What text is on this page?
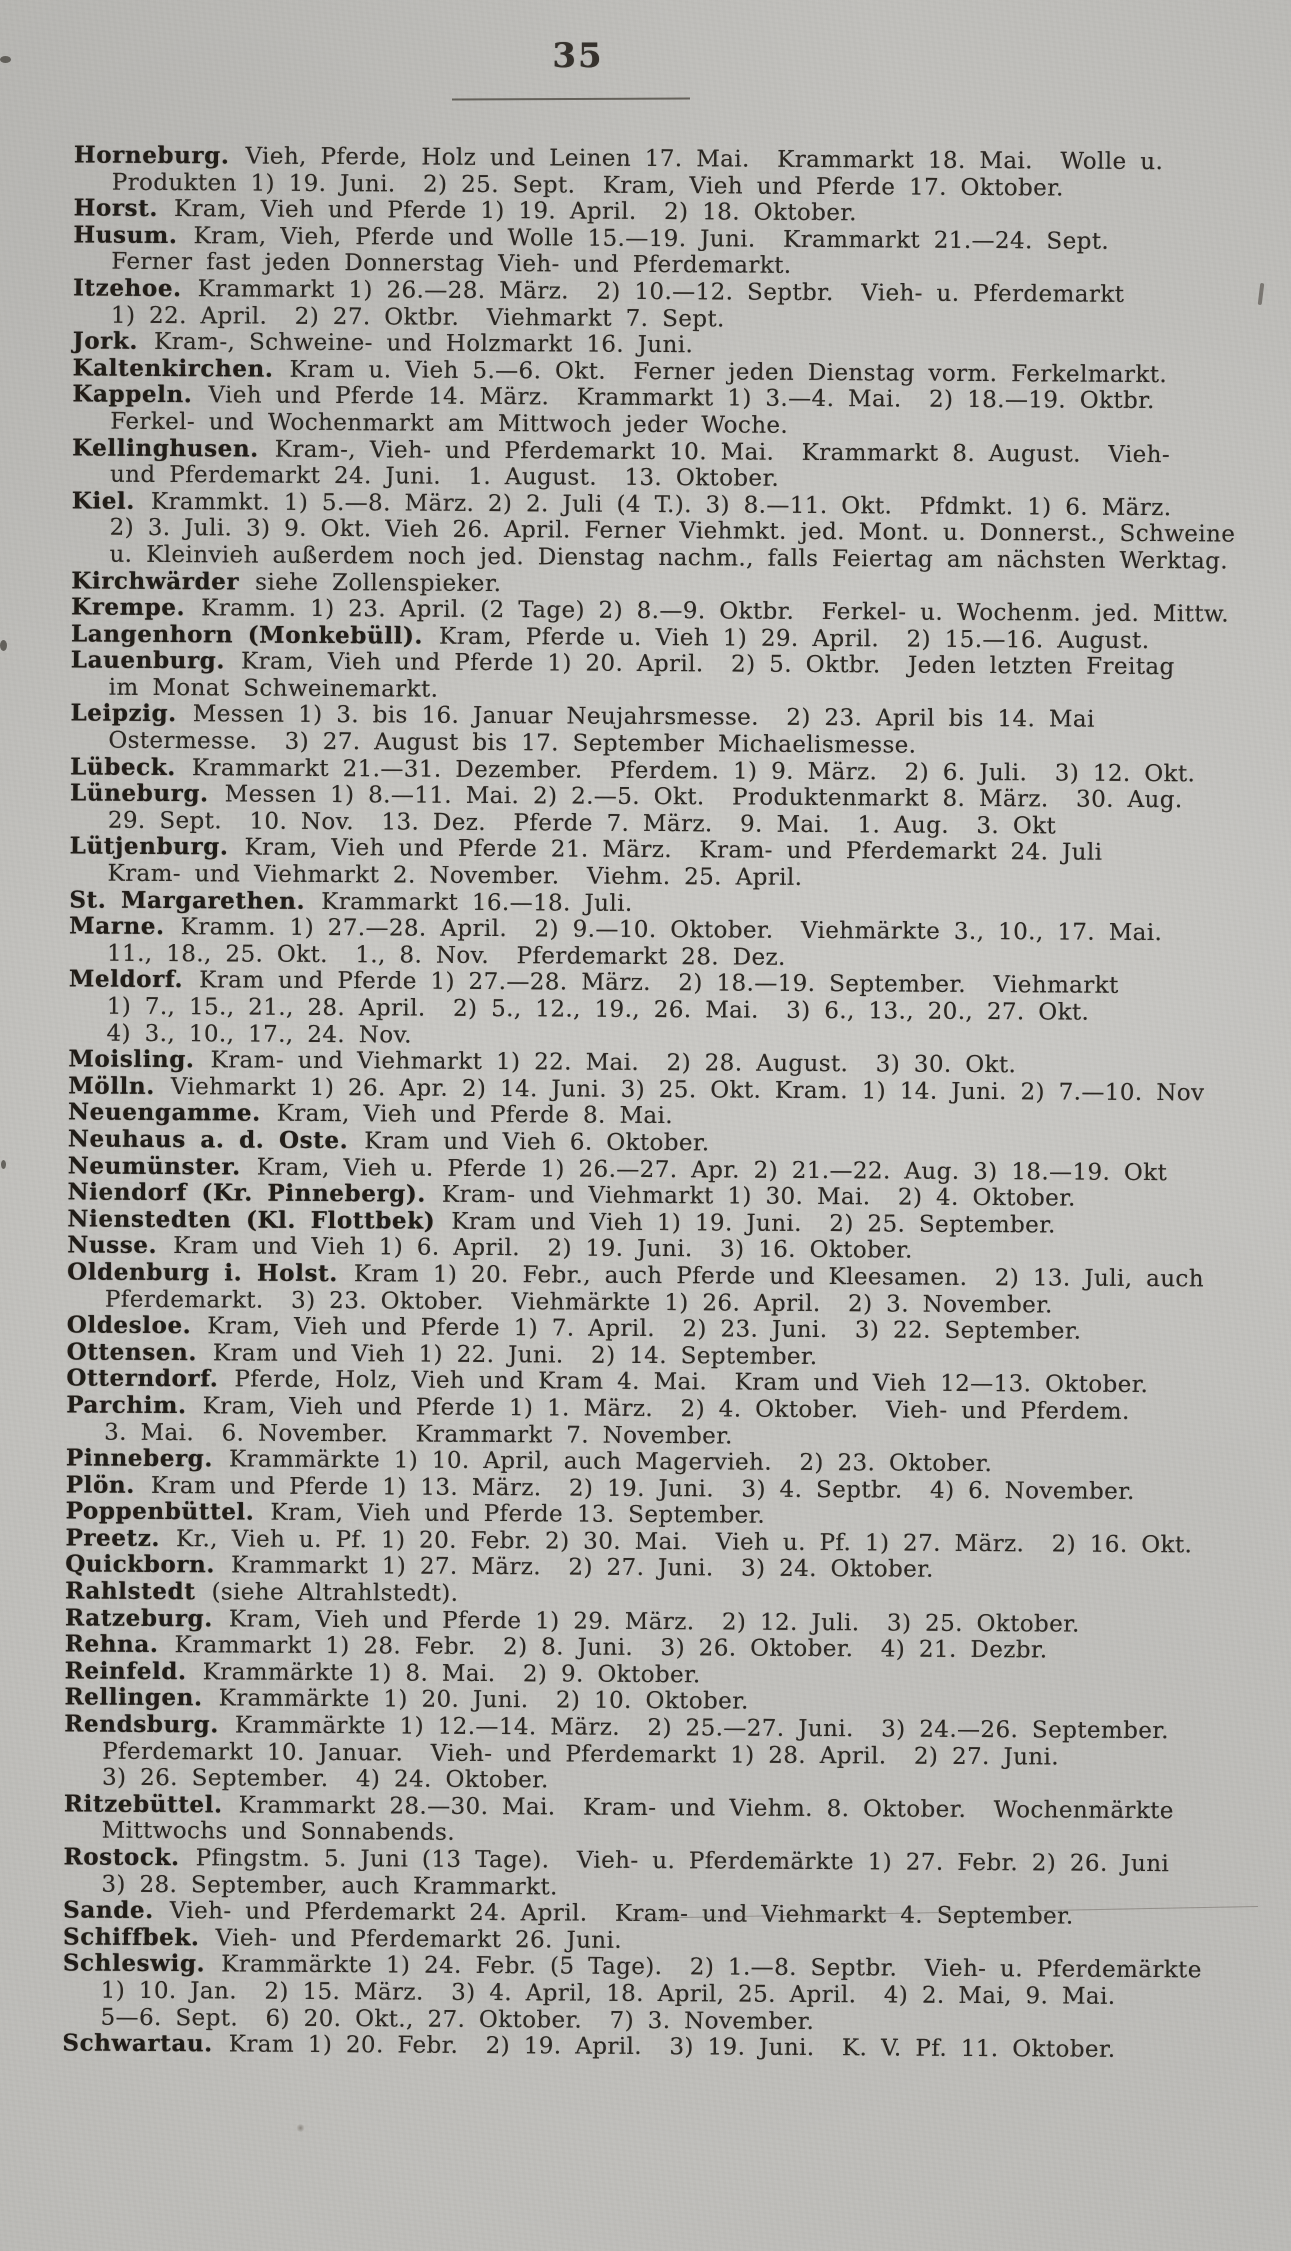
35
Horneburg. Vieh, Pferde, Holz und Leinen 17. Mai.  Krammarkt 18. Mai.  Wolle u.
Produkten 1) 19. Juni.  2) 25. Sept.  Kram, Vieh und Pferde 17. Oktober.
Horst. Kram, Vieh und Pferde 1) 19. April.  2) 18. Oktober.
Husum. Kram, Vieh, Pferde und Wolle 15.—19. Juni.  Krammarkt 21.—24. Sept.
Ferner fast jeden Donnerstag Vieh- und Pferdemarkt.
Itzehoe. Krammarkt 1) 26.—28. März.  2) 10.—12. Septbr.  Vieh- u. Pferdemarkt
1) 22. April.  2) 27. Oktbr.  Viehmarkt 7. Sept.
Jork. Kram-, Schweine- und Holzmarkt 16. Juni.
Kaltenkirchen. Kram u. Vieh 5.—6. Okt.  Ferner jeden Dienstag vorm. Ferkelmarkt.
Kappeln. Vieh und Pferde 14. März.  Krammarkt 1) 3.—4. Mai.  2) 18.—19. Oktbr.
Ferkel- und Wochenmarkt am Mittwoch jeder Woche.
Kellinghusen. Kram-, Vieh- und Pferdemarkt 10. Mai.  Krammarkt 8. August.  Vieh-
und Pferdemarkt 24. Juni.  1. August.  13. Oktober.
Kiel. Krammkt. 1) 5.—8. März. 2) 2. Juli (4 T.). 3) 8.—11. Okt.  Pfdmkt. 1) 6. März.
2) 3. Juli. 3) 9. Okt. Vieh 26. April. Ferner Viehmkt. jed. Mont. u. Donnerst., Schweine
u. Kleinvieh außerdem noch jed. Dienstag nachm., falls Feiertag am nächsten Werktag.
Kirchwärder siehe Zollenspieker.
Krempe. Kramm. 1) 23. April. (2 Tage) 2) 8.—9. Oktbr.  Ferkel- u. Wochenm. jed. Mittw.
Langenhorn (Monkebüll). Kram, Pferde u. Vieh 1) 29. April.  2) 15.—16. August.
Lauenburg. Kram, Vieh und Pferde 1) 20. April.  2) 5. Oktbr.  Jeden letzten Freitag
im Monat Schweinemarkt.
Leipzig. Messen 1) 3. bis 16. Januar Neujahrsmesse.  2) 23. April bis 14. Mai
Ostermesse.  3) 27. August bis 17. September Michaelismesse.
Lübeck. Krammarkt 21.—31. Dezember.  Pferdem. 1) 9. März.  2) 6. Juli.  3) 12. Okt.
Lüneburg. Messen 1) 8.—11. Mai. 2) 2.—5. Okt.  Produktenmarkt 8. März.  30. Aug.
29. Sept.  10. Nov.  13. Dez.  Pferde 7. März.  9. Mai.  1. Aug.  3. Okt
Lütjenburg. Kram, Vieh und Pferde 21. März.  Kram- und Pferdemarkt 24. Juli
Kram- und Viehmarkt 2. November.  Viehm. 25. April.
St. Margarethen. Krammarkt 16.—18. Juli.
Marne. Kramm. 1) 27.—28. April.  2) 9.—10. Oktober.  Viehmärkte 3., 10., 17. Mai.
11., 18., 25. Okt.  1., 8. Nov.  Pferdemarkt 28. Dez.
Meldorf. Kram und Pferde 1) 27.—28. März.  2) 18.—19. September.  Viehmarkt
1) 7., 15., 21., 28. April.  2) 5., 12., 19., 26. Mai.  3) 6., 13., 20., 27. Okt.
4) 3., 10., 17., 24. Nov.
Moisling. Kram- und Viehmarkt 1) 22. Mai.  2) 28. August.  3) 30. Okt.
Mölln. Viehmarkt 1) 26. Apr. 2) 14. Juni. 3) 25. Okt. Kram. 1) 14. Juni. 2) 7.—10. Nov
Neuengamme. Kram, Vieh und Pferde 8. Mai.
Neuhaus a. d. Oste. Kram und Vieh 6. Oktober.
Neumünster. Kram, Vieh u. Pferde 1) 26.—27. Apr. 2) 21.—22. Aug. 3) 18.—19. Okt
Niendorf (Kr. Pinneberg). Kram- und Viehmarkt 1) 30. Mai.  2) 4. Oktober.
Nienstedten (Kl. Flottbek) Kram und Vieh 1) 19. Juni.  2) 25. September.
Nusse. Kram und Vieh 1) 6. April.  2) 19. Juni.  3) 16. Oktober.
Oldenburg i. Holst. Kram 1) 20. Febr., auch Pferde und Kleesamen.  2) 13. Juli, auch
Pferdemarkt.  3) 23. Oktober.  Viehmärkte 1) 26. April.  2) 3. November.
Oldesloe. Kram, Vieh und Pferde 1) 7. April.  2) 23. Juni.  3) 22. September.
Ottensen. Kram und Vieh 1) 22. Juni.  2) 14. September.
Otterndorf. Pferde, Holz, Vieh und Kram 4. Mai.  Kram und Vieh 12—13. Oktober.
Parchim. Kram, Vieh und Pferde 1) 1. März.  2) 4. Oktober.  Vieh- und Pferdem.
3. Mai.  6. November.  Krammarkt 7. November.
Pinneberg. Krammärkte 1) 10. April, auch Magervieh.  2) 23. Oktober.
Plön. Kram und Pferde 1) 13. März.  2) 19. Juni.  3) 4. Septbr.  4) 6. November.
Poppenbüttel. Kram, Vieh und Pferde 13. September.
Preetz. Kr., Vieh u. Pf. 1) 20. Febr. 2) 30. Mai.  Vieh u. Pf. 1) 27. März.  2) 16. Okt.
Quickborn. Krammarkt 1) 27. März.  2) 27. Juni.  3) 24. Oktober.
Rahlstedt (siehe Altrahlstedt).
Ratzeburg. Kram, Vieh und Pferde 1) 29. März.  2) 12. Juli.  3) 25. Oktober.
Rehna. Krammarkt 1) 28. Febr.  2) 8. Juni.  3) 26. Oktober.  4) 21. Dezbr.
Reinfeld. Krammärkte 1) 8. Mai.  2) 9. Oktober.
Rellingen. Krammärkte 1) 20. Juni.  2) 10. Oktober.
Rendsburg. Krammärkte 1) 12.—14. März.  2) 25.—27. Juni.  3) 24.—26. September.
Pferdemarkt 10. Januar.  Vieh- und Pferdemarkt 1) 28. April.  2) 27. Juni.
3) 26. September.  4) 24. Oktober.
Ritzebüttel. Krammarkt 28.—30. Mai.  Kram- und Viehm. 8. Oktober.  Wochenmärkte
Mittwochs und Sonnabends.
Rostock. Pfingstm. 5. Juni (13 Tage).  Vieh- u. Pferdemärkte 1) 27. Febr. 2) 26. Juni
3) 28. September, auch Krammarkt.
Sande. Vieh- und Pferdemarkt 24. April.  Kram- und Viehmarkt 4. September.
Schiffbek. Vieh- und Pferdemarkt 26. Juni.
Schleswig. Krammärkte 1) 24. Febr. (5 Tage).  2) 1.—8. Septbr.  Vieh- u. Pferdemärkte
1) 10. Jan.  2) 15. März.  3) 4. April, 18. April, 25. April.  4) 2. Mai, 9. Mai.
5—6. Sept.  6) 20. Okt., 27. Oktober.  7) 3. November.
Schwartau. Kram 1) 20. Febr.  2) 19. April.  3) 19. Juni.  K. V. Pf. 11. Oktober.
